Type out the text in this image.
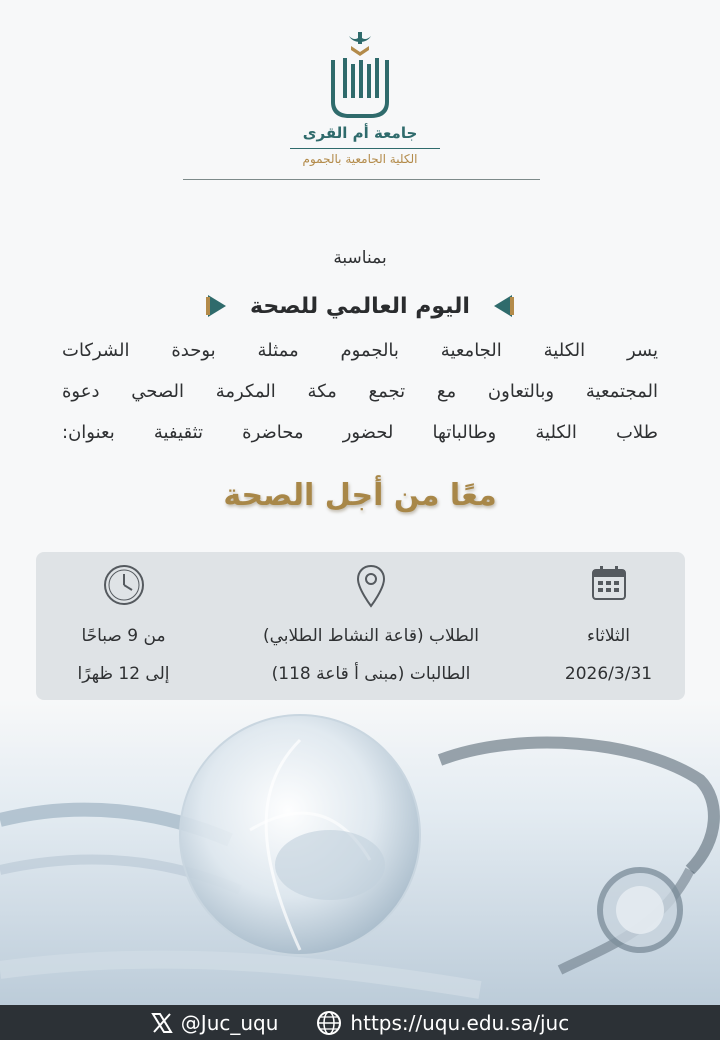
جامعة أم القرى
الكلية الجامعية بالجموم
بمناسبة
اليوم العالمي للصحة
يسر الكلية الجامعية بالجموم ممثلة بوحدة الشركات
المجتمعية وبالتعاون مع تجمع مكة المكرمة الصحي دعوة
طلاب الكلية وطالباتها لحضور محاضرة تثقيفية بعنوان:
معًا من أجل الصحة
الثلاثاء
2026/3/31
الطلاب (قاعة النشاط الطلابي)
الطالبات (مبنى أ قاعة 118)
من 9 صباحًا
إلى 12 ظهرًا
@Juc_uqu	https://uqu.edu.sa/juc
